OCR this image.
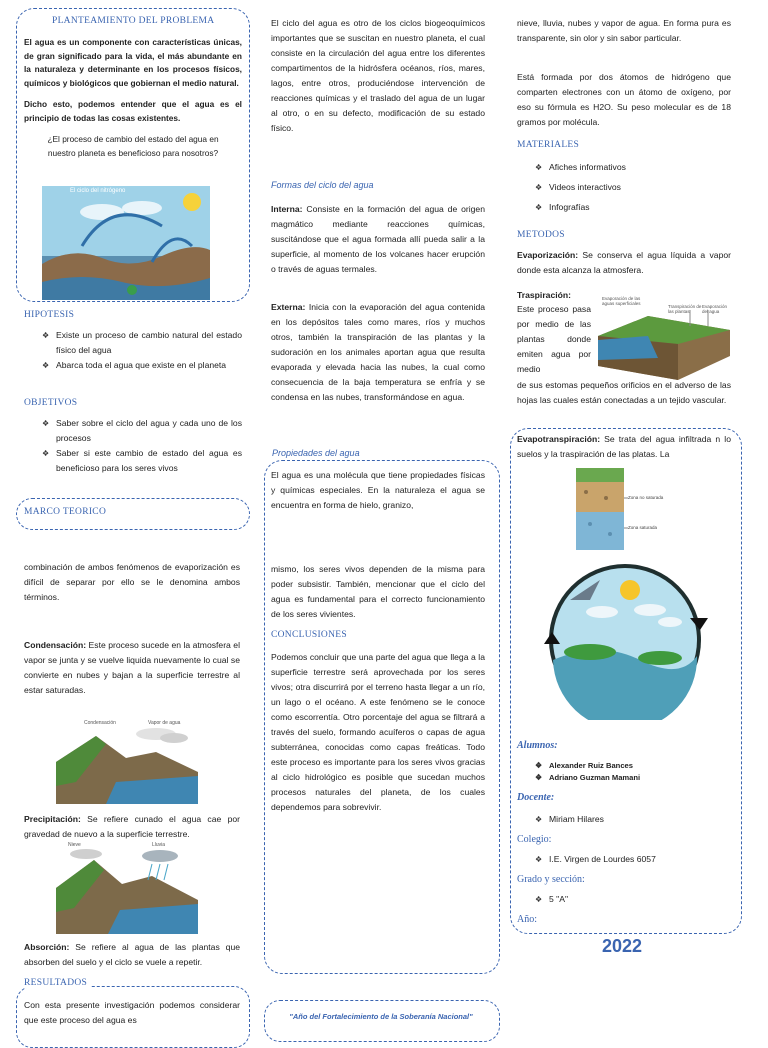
PLANTEAMIENTO DEL PROBLEMA

El agua es un componente con características únicas, de gran significado para la vida, el más abundante en la naturaleza y determinante en los procesos físicos, químicos y biológicos que gobiernan el medio natural.

Dicho esto, podemos entender que el agua es el principio de todas las cosas existentes.

¿El proceso de cambio del estado del agua en nuestro planeta es beneficioso para nosotros?

El ciclo del nitrógeno
HIPOTESIS
❖ Existe un proceso de cambio natural del estado físico del agua
❖ Abarca toda el agua que existe en el planeta
OBJETIVOS
❖ Saber sobre el ciclo del agua y cada uno de los procesos
❖ Saber si este cambio de estado del agua es beneficioso para los seres vivos
MARCO TEORICO

combinación de ambos fenómenos de evaporización es difícil de separar por ello se le denomina ambos términos.

Condensación: Este proceso sucede en la atmosfera el vapor se junta y se vuelve liquida nuevamente lo cual se convierte en nubes y bajan a la superficie terrestre al estar saturadas.

Condensación	Vapor de agua

Precipitación: Se refiere cunado el agua cae por gravedad de nuevo a la superficie terrestre.

Nieve	Lluvia

Absorción: Se refiere al agua de las plantas que absorben del suelo y el ciclo se vuele a repetir.

RESULTADOS

Con esta presente investigación podemos considerar que este proceso del agua es

El ciclo del agua es otro de los ciclos biogeoquímicos importantes que se suscitan en nuestro planeta, el cual consiste en la circulación del agua entre los diferentes compartimentos de la hidrósfera océanos, ríos, mares, lagos, entre otros, produciéndose intervención de reacciones químicas y el traslado del agua de un lugar al otro, o en su defecto, modificación de su estado físico.

Formas del ciclo del agua

Interna: Consiste en la formación del agua de origen magmático mediante reacciones químicas, suscitándose que el agua formada allí pueda salir a la superficie, al momento de los volcanes hacer erupción o través de aguas termales.

Externa: Inicia con la evaporación del agua contenida en los depósitos tales como mares, ríos y muchos otros, también la transpiración de las plantas y la sudoración en los animales aportan agua que resulta evaporada y elevada hacia las nubes, la cual como consecuencia de la baja temperatura se enfría y se condensa en las nubes, transformándose en agua.

Propiedades del agua

El agua es una molécula que tiene propiedades físicas y químicas especiales. En la naturaleza el agua se encuentra en forma de hielo, granizo,

mismo, los seres vivos dependen de la misma para poder subsistir. También, mencionar que el ciclo del agua es fundamental para el correcto funcionamiento de los seres vivientes.

CONCLUSIONES

Podemos concluir que una parte del agua que llega a la superficie terrestre será aprovechada por los seres vivos; otra discurrirá por el terreno hasta llegar a un río, un lago o el océano. A este fenómeno se le conoce como escorrentía. Otro porcentaje del agua se filtrará a través del suelo, formando acuíferos o capas de agua subterránea, conocidas como capas freáticas. Todo este proceso es importante para los seres vivos gracias al ciclo hidrológico es posible que sucedan muchos procesos naturales del planeta, de los cuales dependemos para sobrevivir.

"Año del Fortalecimiento de la Soberanía Nacional"

nieve, lluvia, nubes y vapor de agua. En forma pura es transparente, sin olor y sin sabor particular.

Está formada por dos átomos de hidrógeno que comparten electrones con un átomo de oxígeno, por eso su fórmula es H2O. Su peso molecular es de 18 gramos por molécula.

MATERIALES
❖ Afiches informativos
❖ Videos interactivos
❖ Infografías
METODOS

Evaporización: Se conserva el agua líquida a vapor donde esta alcanza la atmosfera.

Traspiración:

Este proceso pasa por medio de las plantas donde emiten agua por medio

de sus estomas pequeños orificios en el adverso de las hojas las cuales están conectadas a un tejido vascular.

Evaporación de las aguas superficiales
Transpiración de las plantas
Evaporación del agua

Evapotranspiración: Se trata del agua infiltrada n lo suelos y la traspiración de las platas. La

Zona no saturada
Zona saturada
Alumnos:
❖ Alexander Ruiz Bances
❖ Adriano Guzman Mamani
Docente:
❖ Miriam Hilares
Colegio:
❖ I.E. Virgen de Lourdes 6057
Grado y sección:
❖ 5 "A"
Año:
2022
